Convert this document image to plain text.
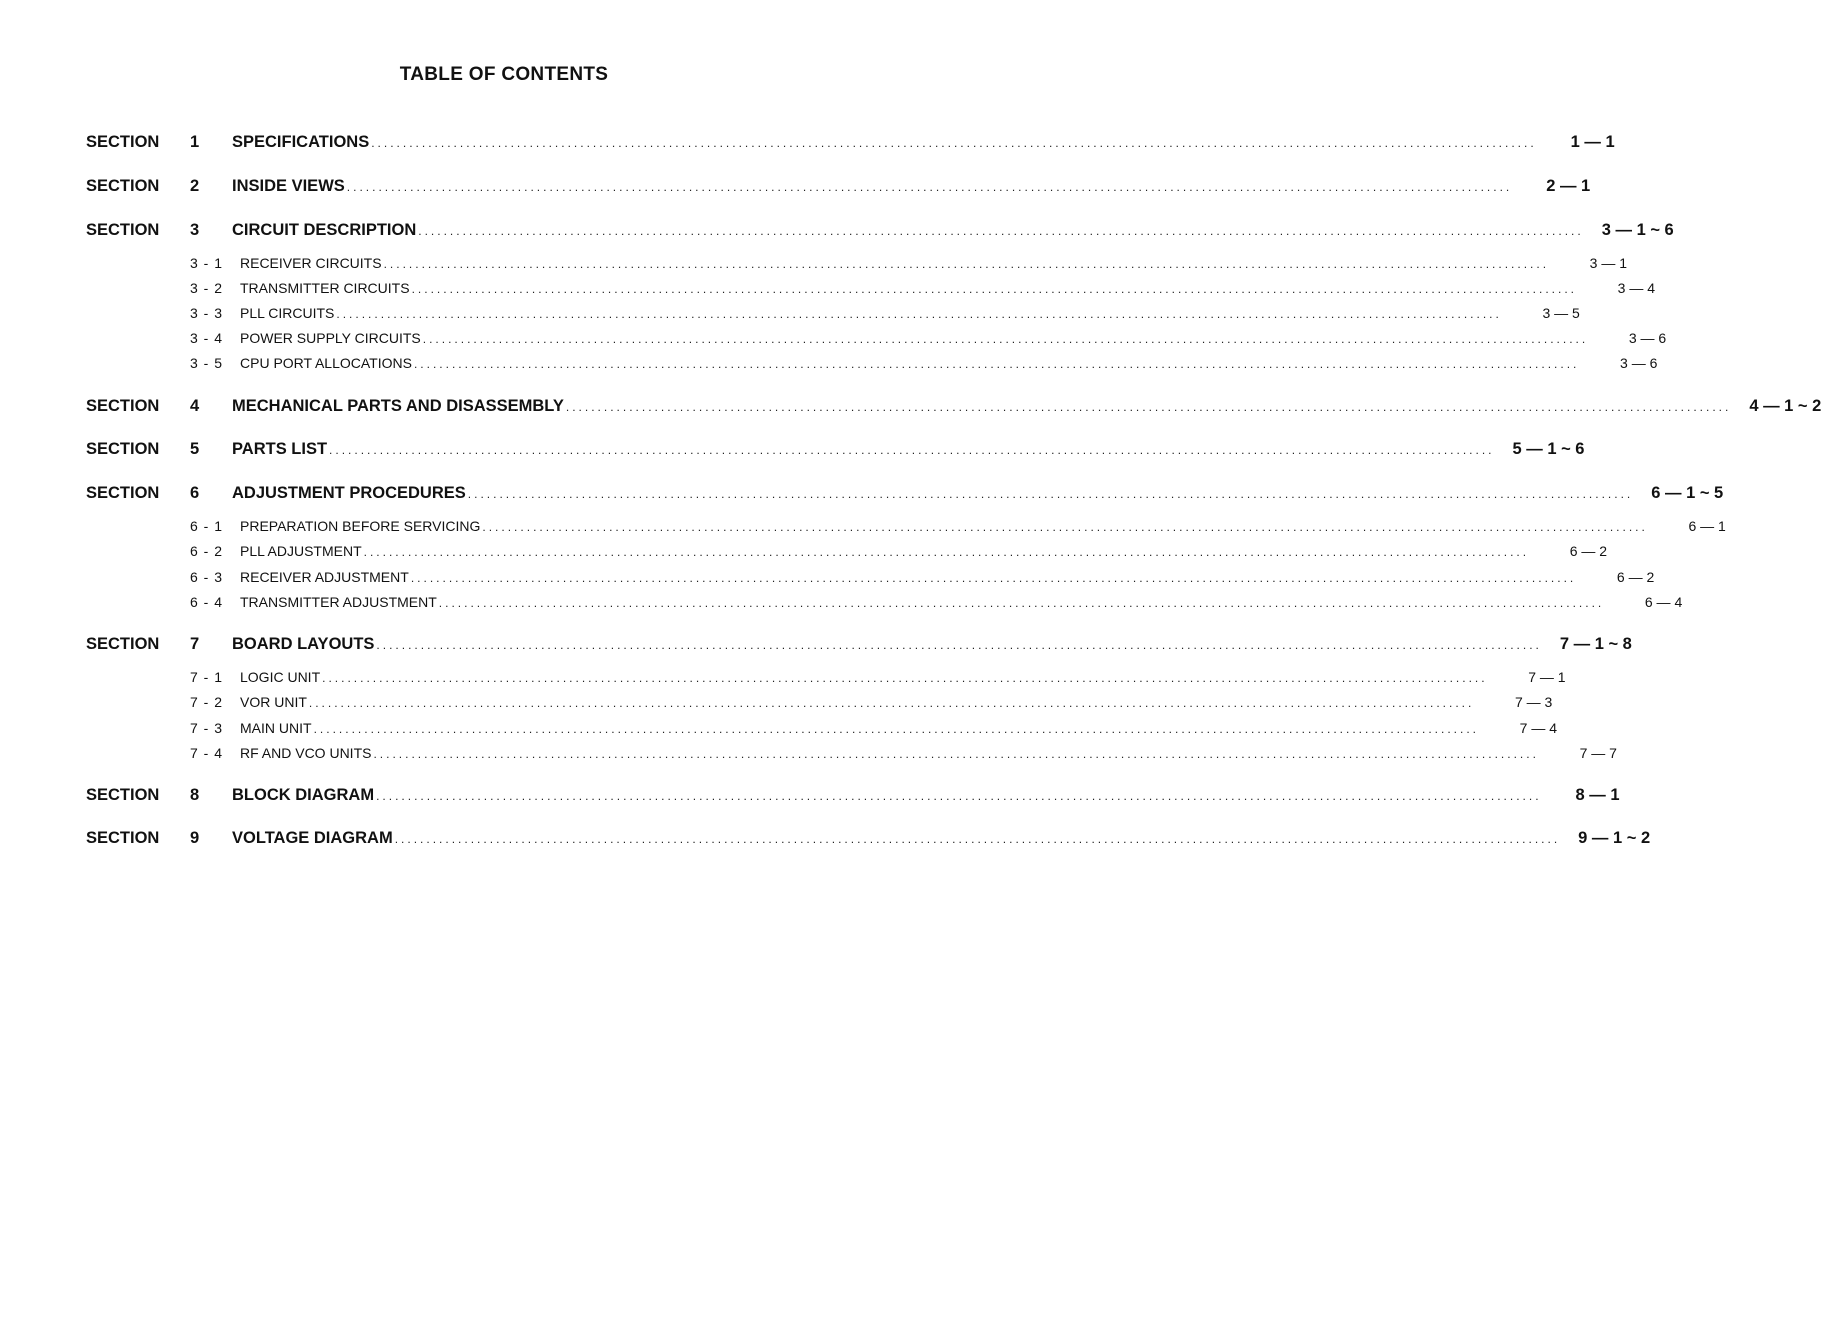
TABLE OF CONTENTS
SECTION	1	SPECIFICATIONS ........................................................................................................................................................................................	1 — 1
SECTION	2	INSIDE VIEWS ........................................................................................................................................................................................	2 — 1
SECTION	3	CIRCUIT DESCRIPTION ........................................................................................................................................................................................	3 — 1 ~ 6
3 - 1	RECEIVER CIRCUITS ........................................................................................................................................................................................	3 — 1
3 - 2	TRANSMITTER CIRCUITS ........................................................................................................................................................................................	3 — 4
3 - 3	PLL CIRCUITS ........................................................................................................................................................................................	3 — 5
3 - 4	POWER SUPPLY CIRCUITS ........................................................................................................................................................................................	3 — 6
3 - 5	CPU PORT ALLOCATIONS ........................................................................................................................................................................................	3 — 6
SECTION	4	MECHANICAL PARTS AND DISASSEMBLY ........................................................................................................................................................................................	4 — 1 ~ 2
SECTION	5	PARTS LIST ........................................................................................................................................................................................	5 — 1 ~ 6
SECTION	6	ADJUSTMENT PROCEDURES ........................................................................................................................................................................................	6 — 1 ~ 5
6 - 1	PREPARATION BEFORE SERVICING ........................................................................................................................................................................................	6 — 1
6 - 2	PLL ADJUSTMENT ........................................................................................................................................................................................	6 — 2
6 - 3	RECEIVER ADJUSTMENT ........................................................................................................................................................................................	6 — 2
6 - 4	TRANSMITTER ADJUSTMENT ........................................................................................................................................................................................	6 — 4
SECTION	7	BOARD LAYOUTS ........................................................................................................................................................................................	7 — 1 ~ 8
7 - 1	LOGIC UNIT ........................................................................................................................................................................................	7 — 1
7 - 2	VOR UNIT ........................................................................................................................................................................................	7 — 3
7 - 3	MAIN UNIT ........................................................................................................................................................................................	7 — 4
7 - 4	RF AND VCO UNITS ........................................................................................................................................................................................	7 — 7
SECTION	8	BLOCK DIAGRAM ........................................................................................................................................................................................	8 — 1
SECTION	9	VOLTAGE DIAGRAM ........................................................................................................................................................................................	9 — 1 ~ 2
